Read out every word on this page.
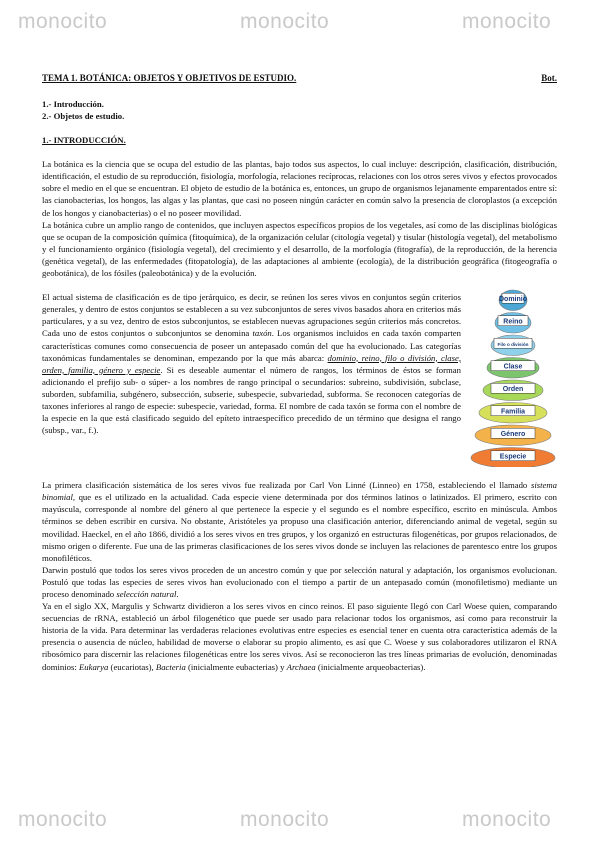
monocito	monocito	monocito
monocito	monocito	monocito
TEMA 1. BOTÁNICA: OBJETOS Y OBJETIVOS DE ESTUDIO.	Bot.
1.- Introducción.
2.- Objetos de estudio.
1.- INTRODUCCIÓN.

La botánica es la ciencia que se ocupa del estudio de las plantas, bajo todos sus aspectos, lo cual incluye: descripción, clasificación, distribución, identificación, el estudio de su reproducción, fisiología, morfología, relaciones recíprocas, relaciones con los otros seres vivos y efectos provocados sobre el medio en el que se encuentran. El objeto de estudio de la botánica es, entonces, un grupo de organismos lejanamente emparentados entre sí: las cianobacterias, los hongos, las algas y las plantas, que casi no poseen ningún carácter en común salvo la presencia de cloroplastos (a excepción de los hongos y cianobacterias) o el no poseer movilidad.

La botánica cubre un amplio rango de contenidos, que incluyen aspectos específicos propios de los vegetales, así como de las disciplinas biológicas que se ocupan de la composición química (fitoquímica), de la organización celular (citología vegetal) y tisular (histología vegetal), del metabolismo y el funcionamiento orgánico (fisiología vegetal), del crecimiento y el desarrollo, de la morfología (fitografía), de la reproducción, de la herencia (genética vegetal), de las enfermedades (fitopatología), de las adaptaciones al ambiente (ecología), de la distribución geográfica (fitogeografía o geobotánica), de los fósiles (paleobotánica) y de la evolución.

El actual sistema de clasificación es de tipo jerárquico, es decir, se reúnen los seres vivos en conjuntos según criterios generales, y dentro de estos conjuntos se establecen a su vez subconjuntos de seres vivos basados ahora en criterios más particulares, y a su vez, dentro de estos subconjuntos, se establecen nuevas agrupaciones según criterios más concretos. Cada uno de estos conjuntos o subconjuntos se denomina taxón. Los organismos incluidos en cada taxón comparten características comunes como consecuencia de poseer un antepasado común del que ha evolucionado. Las categorías taxonómicas fundamentales se denominan, empezando por la que más abarca: dominio, reino, filo o división, clase, orden, familia, género y especie. Si es deseable aumentar el número de rangos, los términos de éstos se forman adicionando el prefijo sub- o súper- a los nombres de rango principal o secundarios: subreino, subdivisión, subclase, suborden, subfamilia, subgénero, subsección, subserie, subespecie, subvariedad, subforma. Se reconocen categorías de taxones inferiores al rango de especie: subespecie, variedad, forma. El nombre de cada taxón se forma con el nombre de la especie en la que está clasificado seguido del epíteto intraespecífico precedido de un término que designa el rango (subsp., var., f.).
Dominio
Reino
Filo o división
Clase
Orden
Familia
Género
Especie

La primera clasificación sistemática de los seres vivos fue realizada por Carl Von Linné (Linneo) en 1758, estableciendo el llamado sistema binomial, que es el utilizado en la actualidad. Cada especie viene determinada por dos términos latinos o latinizados. El primero, escrito con mayúscula, corresponde al nombre del género al que pertenece la especie y el segundo es el nombre específico, escrito en minúscula. Ambos términos se deben escribir en cursiva. No obstante, Aristóteles ya propuso una clasificación anterior, diferenciando animal de vegetal, según su movilidad. Haeckel, en el año 1866, dividió a los seres vivos en tres grupos, y los organizó en estructuras filogenéticas, por grupos relacionados, de mismo origen o diferente. Fue una de las primeras clasificaciones de los seres vivos donde se incluyen las relaciones de parentesco entre los grupos monofiléticos.

Darwin postuló que todos los seres vivos proceden de un ancestro común y que por selección natural y adaptación, los organismos evolucionan. Postuló que todas las especies de seres vivos han evolucionado con el tiempo a partir de un antepasado común (monofiletismo) mediante un proceso denominado selección natural.

Ya en el siglo XX, Margulis y Schwartz dividieron a los seres vivos en cinco reinos. El paso siguiente llegó con Carl Woese quien, comparando secuencias de rRNA, estableció un árbol filogenético que puede ser usado para relacionar todos los organismos, así como para reconstruir la historia de la vida. Para determinar las verdaderas relaciones evolutivas entre especies es esencial tener en cuenta otra característica además de la presencia o ausencia de núcleo, habilidad de moverse o elaborar su propio alimento, es así que C. Woese y sus colaboradores utilizaron el RNA ribosómico para discernir las relaciones filogenéticas entre los seres vivos. Así se reconocieron las tres líneas primarias de evolución, denominadas dominios: Eukarya (eucariotas), Bacteria (inicialmente eubacterias) y Archaea (inicialmente arqueobacterias).
